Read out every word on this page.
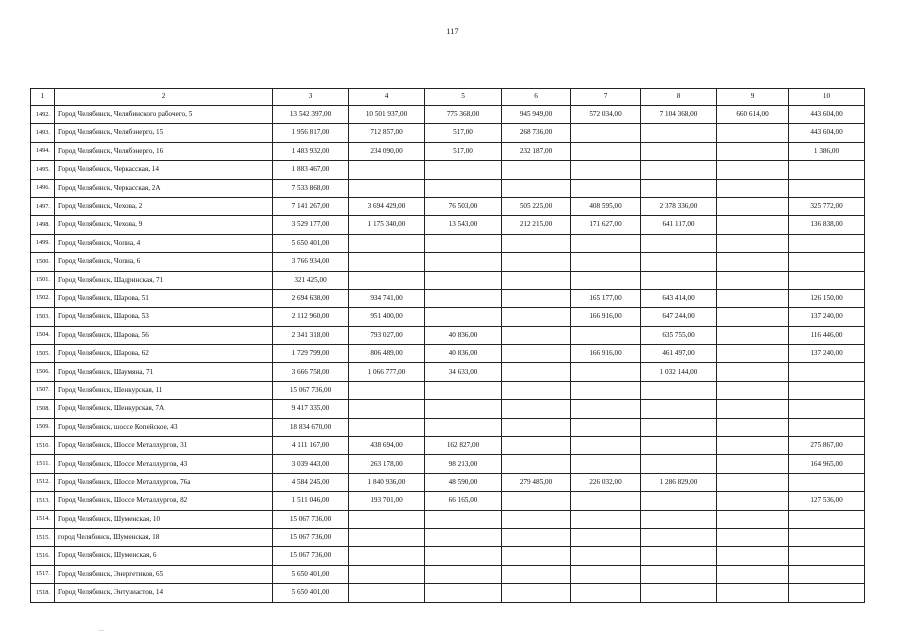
117
1	2	3	4	5	6	7	8	9	10
1492.	Город Челябинск, Челябинского рабочего, 5	13 542 397,00	10 501 937,00	775 368,00	945 949,00	572 034,00	7 104 368,00	660 614,00	443 604,00
1493.	Город Челябинск, Челябэнерго, 15	1 956 817,00	712 857,00	517,00	268 736,00				443 604,00
1494.	Город Челябинск, Челябэнерго, 16	1 483 932,00	234 090,00	517,00	232 187,00				1 386,00
1495.	Город Челябинск, Черкасская, 14	1 883 467,00							
1496.	Город Челябинск, Черкасская, 2А	7 533 868,00							
1497.	Город Челябинск, Чехова, 2	7 141 267,00	3 694 429,00	76 503,00	505 225,00	408 595,00	2 378 336,00		325 772,00
1498.	Город Челябинск, Чехова, 9	3 529 177,00	1 175 340,00	13 543,00	212 215,00	171 627,00	641 117,00		136 838,00
1499.	Город Челябинск, Чопиа, 4	5 650 401,00							
1500.	Город Челябинск, Чопиа, 6	3 766 934,00							
1501.	Город Челябинск, Шадринская, 71	321 425,00							
1502.	Город Челябинск, Шарова, 51	2 694 638,00	934 741,00			165 177,00	643 414,00		126 150,00
1503.	Город Челябинск, Шарова, 53	2 112 960,00	951 400,00			166 916,00	647 244,00		137 240,00
1504.	Город Челябинск, Шарова, 56	2 341 318,00	793 027,00	40 836,00			635 755,00		116 446,00
1505.	Город Челябинск, Шарова, 62	1 729 799,00	806 489,00	40 836,00		166 916,00	461 497,00		137 240,00
1506.	Город Челябинск, Шаумяна, 71	3 666 758,00	1 066 777,00	34 633,00			1 032 144,00		
1507.	Город Челябинск, Шенкурская, 11	15 067 736,00							
1508.	Город Челябинск, Шенкурская, 7А	9 417 335,00							
1509.	Город Челябинск, шоссе Копейское, 43	18 834 670,00							
1510.	Город Челябинск, Шоссе Металлургов, 31	4 111 167,00	438 694,00	162 827,00					275 867,00
1511.	Город Челябинск, Шоссе Металлургов, 43	3 039 443,00	263 178,00	98 213,00					164 965,00
1512.	Город Челябинск, Шоссе Металлургов, 76а	4 584 245,00	1 840 936,00	48 590,00	279 485,00	226 032,00	1 286 829,00		
1513.	Город Челябинск, Шоссе Металлургов, 82	1 511 046,00	193 701,00	66 165,00					127 536,00
1514.	Город Челябинск, Шуменская, 10	15 067 736,00							
1515.	город Челябинск, Шуменская, 18	15 067 736,00							
1516.	Город Челябинск, Шуменская, 6	15 067 736,00							
1517.	Город Челябинск, Энергетиков, 65	5 650 401,00							
1518.	Город Челябинск, Энтузиастов, 14	5 650 401,00							
